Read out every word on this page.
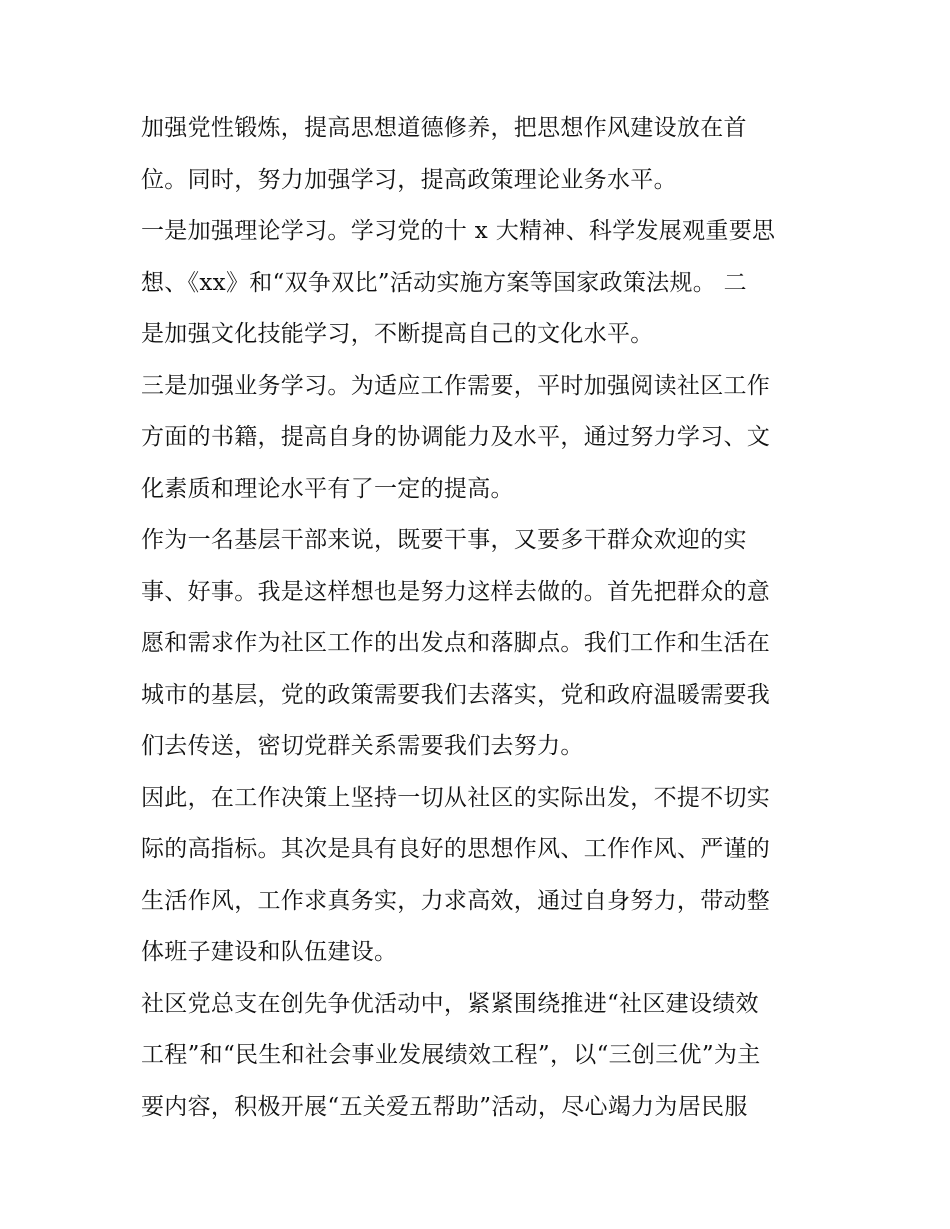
加强党性锻炼，提高思想道德修养，把思想作风建设放在首
位。同时，努力加强学习，提高政策理论业务水平。

一是加强理论学习。学习党的十 x 大精神、科学发展观重要思
想、《xx》和“双争双比”活动实施方案等国家政策法规。 二
是加强文化技能学习，不断提高自己的文化水平。

三是加强业务学习。为适应工作需要，平时加强阅读社区工作
方面的书籍，提高自身的协调能力及水平，通过努力学习、文
化素质和理论水平有了一定的提高。

作为一名基层干部来说，既要干事，又要多干群众欢迎的实
事、好事。我是这样想也是努力这样去做的。首先把群众的意
愿和需求作为社区工作的出发点和落脚点。我们工作和生活在
城市的基层，党的政策需要我们去落实，党和政府温暖需要我
们去传送，密切党群关系需要我们去努力。

因此，在工作决策上坚持一切从社区的实际出发，不提不切实
际的高指标。其次是具有良好的思想作风、工作作风、严谨的
生活作风，工作求真务实，力求高效，通过自身努力，带动整
体班子建设和队伍建设。

社区党总支在创先争优活动中，紧紧围绕推进“社区建设绩效
工程”和“民生和社会事业发展绩效工程”，以“三创三优”为主
要内容，积极开展“五关爱五帮助”活动，尽心竭力为居民服
